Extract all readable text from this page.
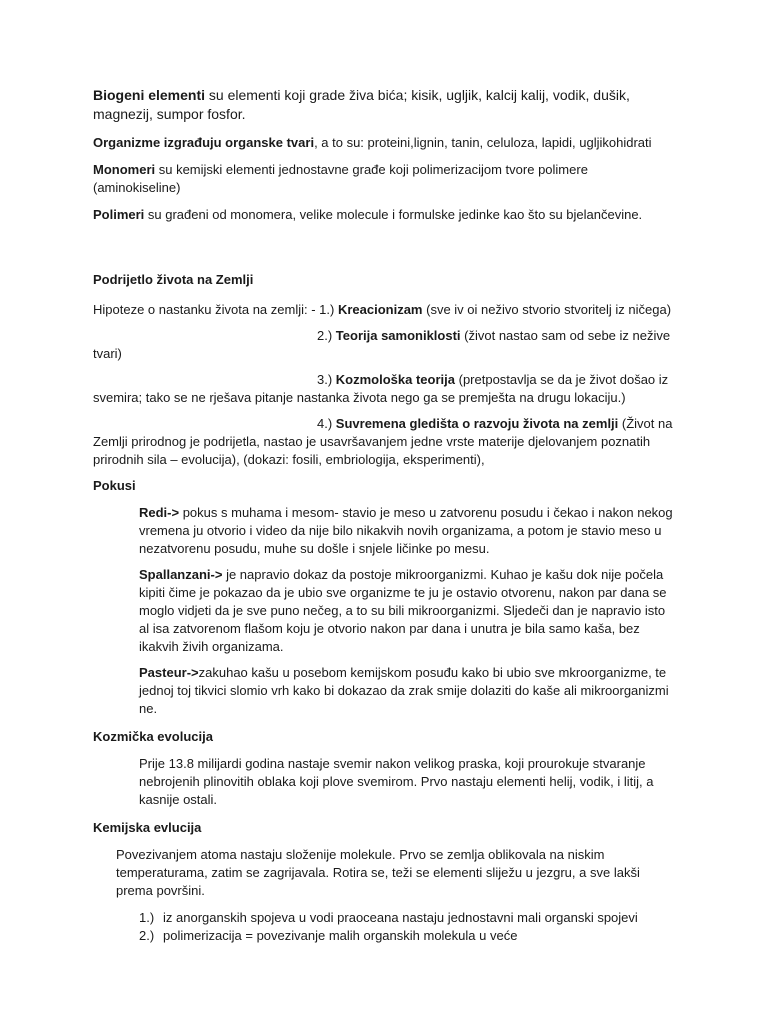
Biogeni elementi su elementi koji grade živa bića; kisik, ugljik, kalcij kalij, vodik, dušik, magnezij, sumpor fosfor.

Organizme izgrađuju organske tvari, a to su: proteini,lignin, tanin, celuloza, lapidi, ugljikohidrati

Monomeri su kemijski elementi jednostavne građe koji polimerizacijom tvore polimere (aminokiseline)

Polimeri su građeni od monomera, velike molecule i formulske jedinke kao što su bjelančevine.

Podrijetlo života na Zemlji

Hipoteze o nastanku života na zemlji: - 1.) Kreacionizam (sve iv oi neživo stvorio stvoritelj iz ničega)

2.) Teorija samoniklosti (život nastao sam od sebe iz nežive
tvari)
3.) Kozmološka teorija (pretpostavlja se da je život došao iz
svemira; tako se ne rješava pitanje nastanka života nego ga se premješta na drugu lokaciju.)
4.) Suvremena gledišta o razvoju života na zemlji (Život na
Zemlji prirodnog je podrijetla, nastao je usavršavanjem jedne vrste materije djelovanjem poznatih prirodnih sila – evolucija), (dokazi: fosili, embriologija, eksperimenti),

Pokusi

Redi-> pokus s muhama i mesom- stavio je meso u zatvorenu posudu i čekao i nakon nekog vremena ju otvorio i video da nije bilo nikakvih novih organizama, a potom je stavio meso u nezatvorenu posudu, muhe su došle i snjele ličinke po mesu.

Spallanzani-> je napravio dokaz da postoje mikroorganizmi. Kuhao je kašu dok nije počela kipiti čime je pokazao da je ubio sve organizme te ju je ostavio otvorenu, nakon par dana se moglo vidjeti da je sve puno nečeg, a to su bili mikroorganizmi. Sljedeči dan je napravio isto al isa zatvorenom flašom koju je otvorio nakon par dana i unutra je bila samo kaša, bez ikakvih živih organizama.

Pasteur->zakuhao kašu u posebom kemijskom posuđu kako bi ubio sve mkroorganizme, te jednoj toj tikvici slomio vrh kako bi dokazao da zrak smije dolaziti do kaše ali mikroorganizmi ne.

Kozmička evolucija

Prije 13.8 milijardi godina nastaje svemir nakon velikog praska, koji prourokuje stvaranje nebrojenih plinovitih oblaka koji plove svemirom. Prvo nastaju elementi helij, vodik, i litij, a kasnije ostali.

Kemijska evlucija

Povezivanjem atoma nastaju složenije molekule. Prvo se zemlja oblikovala na niskim temperaturama, zatim se zagrijavala. Rotira se, teži se elementi sliježu u jezgru, a sve lakši prema površini.

1.) iz anorganskih spojeva u vodi praoceana nastaju jednostavni mali organski spojevi
2.) polimerizacija = povezivanje malih organskih molekula u veće
